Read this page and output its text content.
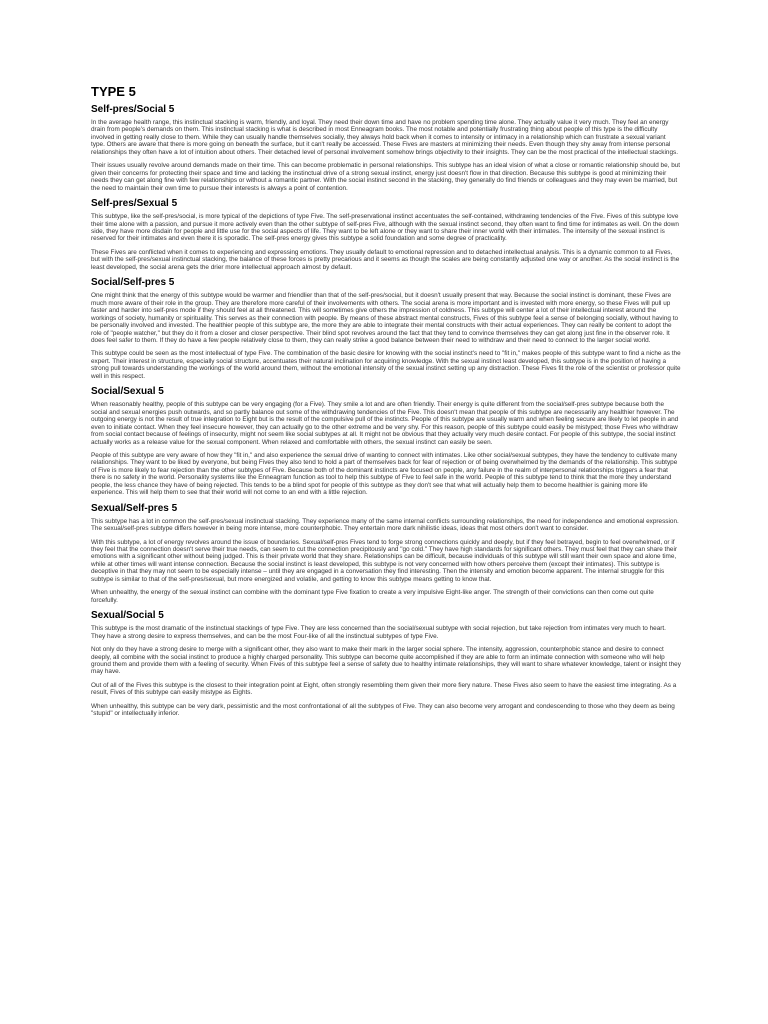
TYPE 5
Self-pres/Social 5

In the average health range, this instinctual stacking is warm, friendly, and loyal. They need their down time and have no problem spending time alone. They actually value it very much. They feel an energy drain from people's demands on them. This instinctual stacking is what is described in most Enneagram books. The most notable and potentially frustrating thing about people of this type is the difficulty involved in getting really close to them. While they can usually handle themselves socially, they always hold back when it comes to intensity or intimacy in a relationship which can frustrate a sexual variant type. Others are aware that there is more going on beneath the surface, but it can't really be accessed. These Fives are masters at minimizing their needs. Even though they shy away from intense personal relationships they often have a lot of intuition about others. Their detached level of personal involvement somehow brings objectivity to their insights. They can be the most practical of the intellectual stackings.

Their issues usually revolve around demands made on their time. This can become problematic in personal relationships. This subtype has an ideal vision of what a close or romantic relationship should be, but given their concerns for protecting their space and time and lacking the instinctual drive of a strong sexual instinct, energy just doesn't flow in that direction. Because this subtype is good at minimizing their needs they can get along fine with few relationships or without a romantic partner. With the social instinct second in the stacking, they generally do find friends or colleagues and they may even be married, but the need to maintain their own time to pursue their interests is always a point of contention.

Self-pres/Sexual 5

This subtype, like the self-pres/social, is more typical of the depictions of type Five. The self-preservational instinct accentuates the self-contained, withdrawing tendencies of the Five. Fives of this subtype love their time alone with a passion, and pursue it more actively even than the other subtype of self-pres Five, although with the sexual instinct second, they often want to find time for intimates as well. On the down side, they have more disdain for people and little use for the social aspects of life. They want to be left alone or they want to share their inner world with their intimates. The intensity of the sexual instinct is reserved for their intimates and even there it is sporadic. The self-pres energy gives this subtype a solid foundation and some degree of practicality.

These Fives are conflicted when it comes to experiencing and expressing emotions. They usually default to emotional repression and to detached intellectual analysis. This is a dynamic common to all Fives, but with the self-pres/sexual instinctual stacking, the balance of these forces is pretty precarious and it seems as though the scales are being constantly adjusted one way or another. As the social instinct is the least developed, the social arena gets the drier more intellectual approach almost by default.

Social/Self-pres 5

One might think that the energy of this subtype would be warmer and friendlier than that of the self-pres/social, but it doesn't usually present that way. Because the social instinct is dominant, these Fives are much more aware of their role in the group. They are therefore more careful of their involvements with others. The social arena is more important and is invested with more energy, so these Fives will pull up faster and harder into self-pres mode if they should feel at all threatened. This will sometimes give others the impression of coldness. This subtype will center a lot of their intellectual interest around the workings of society, humanity or spirituality. This serves as their connection with people. By means of these abstract mental constructs, Fives of this subtype feel a sense of belonging socially, without having to be personally involved and invested. The healthier people of this subtype are, the more they are able to integrate their mental constructs with their actual experiences. They can really be content to adopt the role of "people watcher," but they do it from a closer and closer perspective. Their blind spot revolves around the fact that they tend to convince themselves they can get along just fine in the observer role. It does feel safer to them. If they do have a few people relatively close to them, they can really strike a good balance between their need to withdraw and their need to connect to the larger social world.

This subtype could be seen as the most intellectual of type Five. The combination of the basic desire for knowing with the social instinct's need to "fit in," makes people of this subtype want to find a niche as the expert. Their interest in structure, especially social structure, accentuates their natural inclination for acquiring knowledge. With the sexual instinct least developed, this subtype is in the position of having a strong pull towards understanding the workings of the world around them, without the emotional intensity of the sexual instinct setting up any distraction. These Fives fit the role of the scientist or professor quite well in this respect.

Social/Sexual 5

When reasonably healthy, people of this subtype can be very engaging (for a Five). They smile a lot and are often friendly. Their energy is quite different from the social/self-pres subtype because both the social and sexual energies push outwards, and so partly balance out some of the withdrawing tendencies of the Five. This doesn't mean that people of this subtype are necessarily any healthier however. The outgoing energy is not the result of true integration to Eight but is the result of the compulsive pull of the instincts. People of this subtype are usually warm and when feeling secure are likely to let people in and even to initiate contact. When they feel insecure however, they can actually go to the other extreme and be very shy. For this reason, people of this subtype could easily be mistyped; those Fives who withdraw from social contact because of feelings of insecurity, might not seem like social subtypes at all. It might not be obvious that they actually very much desire contact. For people of this subtype, the social instinct actually works as a release value for the sexual component. When relaxed and comfortable with others, the sexual instinct can easily be seen.

People of this subtype are very aware of how they "fit in," and also experience the sexual drive of wanting to connect with intimates. Like other social/sexual subtypes, they have the tendency to cultivate many relationships. They want to be liked by everyone, but being Fives they also tend to hold a part of themselves back for fear of rejection or of being overwhelmed by the demands of the relationship. This subtype of Five is more likely to fear rejection than the other subtypes of Five. Because both of the dominant instincts are focused on people, any failure in the realm of interpersonal relationships triggers a fear that there is no safety in the world. Personality systems like the Enneagram function as tool to help this subtype of Five to feel safe in the world. People of this subtype tend to think that the more they understand people, the less chance they have of being rejected. This tends to be a blind spot for people of this subtype as they don't see that what will actually help them to become healthier is gaining more life experience. This will help them to see that their world will not come to an end with a little rejection.

Sexual/Self-pres 5

This subtype has a lot in common the self-pres/sexual instinctual stacking. They experience many of the same internal conflicts surrounding relationships, the need for independence and emotional expression. The sexual/self-pres subtype differs however in being more intense, more counterphobic. They entertain more dark nihilistic ideas, ideas that most others don't want to consider.

With this subtype, a lot of energy revolves around the issue of boundaries. Sexual/self-pres Fives tend to forge strong connections quickly and deeply, but if they feel betrayed, begin to feel overwhelmed, or if they feel that the connection doesn't serve their true needs, can seem to cut the connection precipitously and "go cold." They have high standards for significant others. They must feel that they can share their emotions with a significant other without being judged. This is their private world that they share. Relationships can be difficult, because individuals of this subtype will still want their own space and alone time, while at other times will want intense connection. Because the social instinct is least developed, this subtype is not very concerned with how others perceive them (except their intimates). This subtype is deceptive in that they may not seem to be especially intense – until they are engaged in a conversation they find interesting. Then the intensity and emotion become apparent. The internal struggle for this subtype is similar to that of the self-pres/sexual, but more energized and volatile, and getting to know this subtype means getting to know that.

When unhealthy, the energy of the sexual instinct can combine with the dominant type Five fixation to create a very impulsive Eight-like anger. The strength of their convictions can then come out quite forcefully.

Sexual/Social 5

This subtype is the most dramatic of the instinctual stackings of type Five. They are less concerned than the social/sexual subtype with social rejection, but take rejection from intimates very much to heart. They have a strong desire to express themselves, and can be the most Four-like of all the instinctual subtypes of type Five.

Not only do they have a strong desire to merge with a significant other, they also want to make their mark in the larger social sphere. The intensity, aggression, counterphobic stance and desire to connect deeply, all combine with the social instinct to produce a highly charged personality. This subtype can become quite accomplished if they are able to form an intimate connection with someone who will help ground them and provide them with a feeling of security. When Fives of this subtype feel a sense of safety due to healthy intimate relationships, they will want to share whatever knowledge, talent or insight they may have.

Out of all of the Fives this subtype is the closest to their integration point at Eight, often strongly resembling them given their more fiery nature. These Fives also seem to have the easiest time integrating. As a result, Fives of this subtype can easily mistype as Eights.

When unhealthy, this subtype can be very dark, pessimistic and the most confrontational of all the subtypes of Five. They can also become very arrogant and condescending to those who they deem as being "stupid" or intellectually inferior.
